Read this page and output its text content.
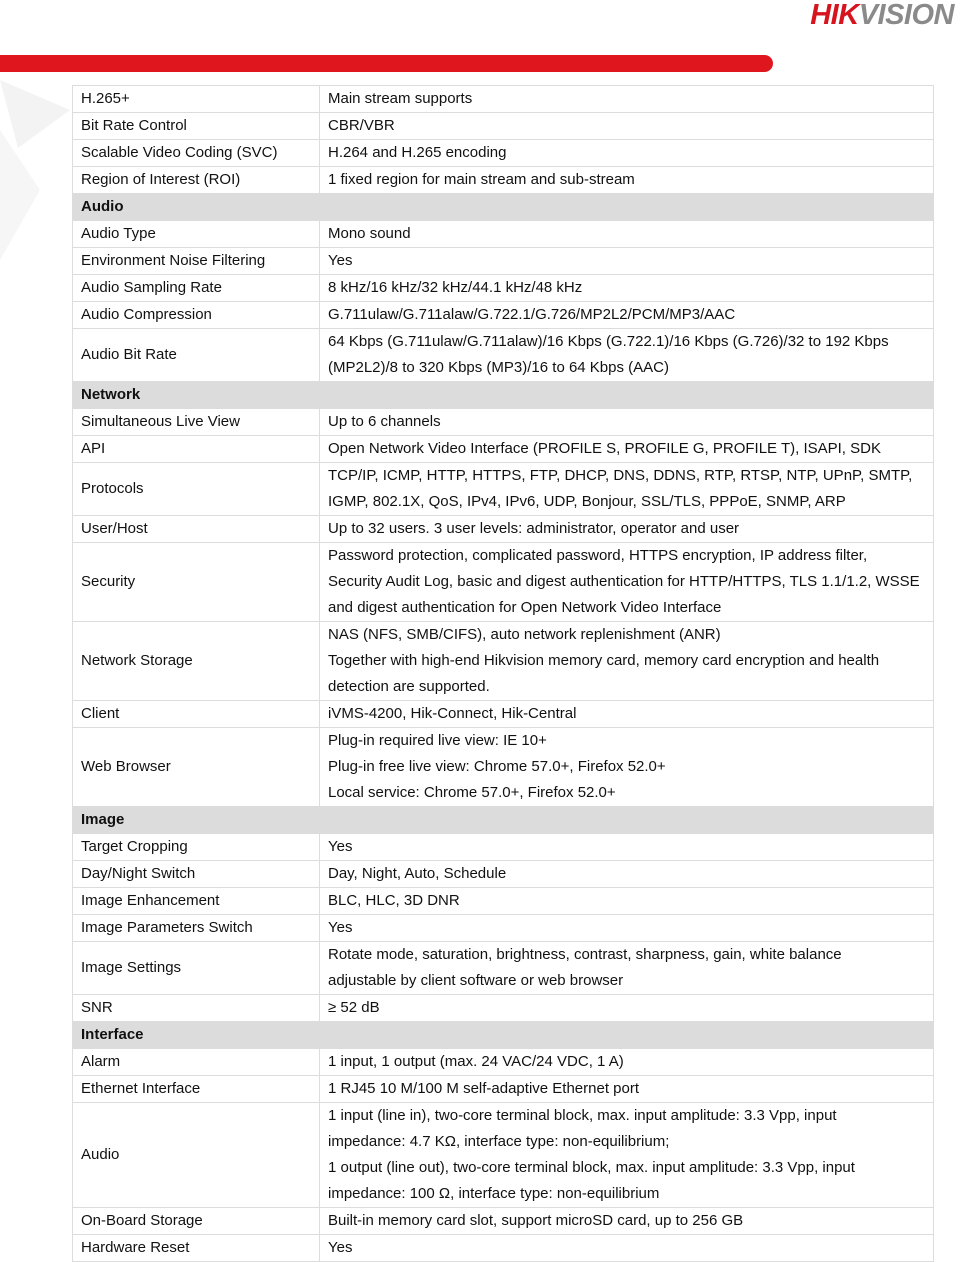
HIKVISION
H.265+	Main stream supports

Bit Rate Control	CBR/VBR

Scalable Video Coding (SVC)	H.264 and H.265 encoding

Region of Interest (ROI)	1 fixed region for main stream and sub-stream

Audio	
Audio Type	Mono sound

Environment Noise Filtering	Yes

Audio Sampling Rate	8 kHz/16 kHz/32 kHz/44.1 kHz/48 kHz

Audio Compression	G.711ulaw/G.711alaw/G.722.1/G.726/MP2L2/PCM/MP3/AAC

Audio Bit Rate	64 Kbps (G.711ulaw/G.711alaw)/16 Kbps (G.722.1)/16 Kbps (G.726)/32 to 192 Kbps
(MP2L2)/8 to 320 Kbps (MP3)/16 to 64 Kbps (AAC)

Network	
Simultaneous Live View	Up to 6 channels

API	Open Network Video Interface (PROFILE S, PROFILE G, PROFILE T), ISAPI, SDK

Protocols	TCP/IP, ICMP, HTTP, HTTPS, FTP, DHCP, DNS, DDNS, RTP, RTSP, NTP, UPnP, SMTP,
IGMP, 802.1X, QoS, IPv4, IPv6, UDP, Bonjour, SSL/TLS, PPPoE, SNMP, ARP

User/Host	Up to 32 users. 3 user levels: administrator, operator and user

Security	Password protection, complicated password, HTTPS encryption, IP address filter,
Security Audit Log, basic and digest authentication for HTTP/HTTPS, TLS 1.1/1.2, WSSE
and digest authentication for Open Network Video Interface

Network Storage	NAS (NFS, SMB/CIFS), auto network replenishment (ANR)
Together with high-end Hikvision memory card, memory card encryption and health
detection are supported.

Client	iVMS-4200, Hik-Connect, Hik-Central

Web Browser	Plug-in required live view: IE 10+
Plug-in free live view: Chrome 57.0+, Firefox 52.0+
Local service: Chrome 57.0+, Firefox 52.0+

Image	
Target Cropping	Yes

Day/Night Switch	Day, Night, Auto, Schedule

Image Enhancement	BLC, HLC, 3D DNR

Image Parameters Switch	Yes

Image Settings	Rotate mode, saturation, brightness, contrast, sharpness, gain, white balance
adjustable by client software or web browser

SNR	≥ 52 dB

Interface	
Alarm	1 input, 1 output (max. 24 VAC/24 VDC, 1 A)

Ethernet Interface	1 RJ45 10 M/100 M self-adaptive Ethernet port

Audio	1 input (line in), two-core terminal block, max. input amplitude: 3.3 Vpp, input
impedance: 4.7 KΩ, interface type: non-equilibrium;
1 output (line out), two-core terminal block, max. input amplitude: 3.3 Vpp, input
impedance: 100 Ω, interface type: non-equilibrium

On-Board Storage	Built-in memory card slot, support microSD card, up to 256 GB

Hardware Reset	Yes
